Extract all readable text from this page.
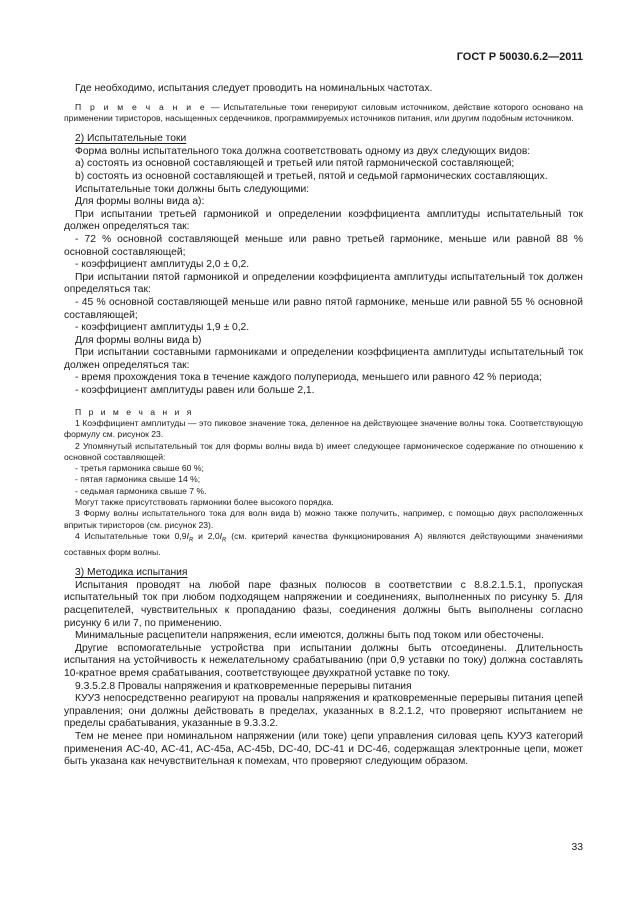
ГОСТ Р 50030.6.2—2011

Где необходимо, испытания следует проводить на номинальных частотах.

П р и м е ч а н и е — Испытательные токи генерируют силовым источником, действие которого основано на применении тиристоров, насыщенных сердечников, программируемых источников питания, или другим подобным источником.

2) Испытательные токи

Форма волны испытательного тока должна соответствовать одному из двух следующих видов:

a) состоять из основной составляющей и третьей или пятой гармонической составляющей;

b) состоять из основной составляющей и третьей, пятой и седьмой гармонических составляющих.

Испытательные токи должны быть следующими:

Для формы волны вида a):

При испытании третьей гармоникой и определении коэффициента амплитуды испытательный ток должен определяться так:

- 72 % основной составляющей меньше или равно третьей гармонике, меньше или равной 88 % основной составляющей;

- коэффициент амплитуды 2,0 ± 0,2.

При испытании пятой гармоникой и определении коэффициента амплитуды испытательный ток должен определяться так:

- 45 % основной составляющей меньше или равно пятой гармонике, меньше или равной 55 % основной составляющей;

- коэффициент амплитуды 1,9 ± 0,2.

Для формы волны вида b)

При испытании составными гармониками и определении коэффициента амплитуды испытательный ток должен определяться так:

- время прохождения тока в течение каждого полупериода, меньшего или равного 42 % периода;

- коэффициент амплитуды равен или больше 2,1.

П р и м е ч а н и я

1 Коэффициент амплитуды — это пиковое значение тока, деленное на действующее значение волны тока. Соответствующую формулу см. рисунок 23.

2 Упомянутый испытательный ток для формы волны вида b) имеет следующее гармоническое содержание по отношению к основной составляющей:

- третья гармоника свыше 60 %;

- пятая гармоника свыше 14 %;

- седьмая гармоника свыше 7 %.

Могут также присутствовать гармоники более высокого порядка.

3 Форму волны испытательного тока для волн вида b) можно также получить, например, с помощью двух расположенных впритык тиристоров (см. рисунок 23).

4 Испытательные токи $0,9I_R$ и $2,0I_R$ (см. критерий качества функционирования А) являются действующими значениями составных форм волны.

3) Методика испытания

Испытания проводят на любой паре фазных полюсов в соответствии с 8.8.2.1.5.1, пропуская испытательный ток при любом подходящем напряжении и соединениях, выполненных по рисунку 5. Для расцепителей, чувствительных к пропаданию фазы, соединения должны быть выполнены согласно рисунку 6 или 7, по применению.

Минимальные расцепители напряжения, если имеются, должны быть под током или обесточены.

Другие вспомогательные устройства при испытании должны быть отсоединены. Длительность испытания на устойчивость к нежелательному срабатыванию (при 0,9 уставки по току) должна составлять 10-кратное время срабатывания, соответствующее двухкратной уставке по току.

9.3.5.2.8 Провалы напряжения и кратковременные перерывы питания

КУУЗ непосредственно реагируют на провалы напряжения и кратковременные перерывы питания цепей управления; они должны действовать в пределах, указанных в 8.2.1.2, что проверяют испытанием не пределы срабатывания, указанные в 9.3.3.2.

Тем не менее при номинальном напряжении (или токе) цепи управления силовая цепь КУУЗ категорий применения AC-40, AC-41, AC-45a, AC-45b, DC-40, DC-41 и DC-46, содержащая электронные цепи, может быть указана как нечувствительная к помехам, что проверяют следующим образом.

33
